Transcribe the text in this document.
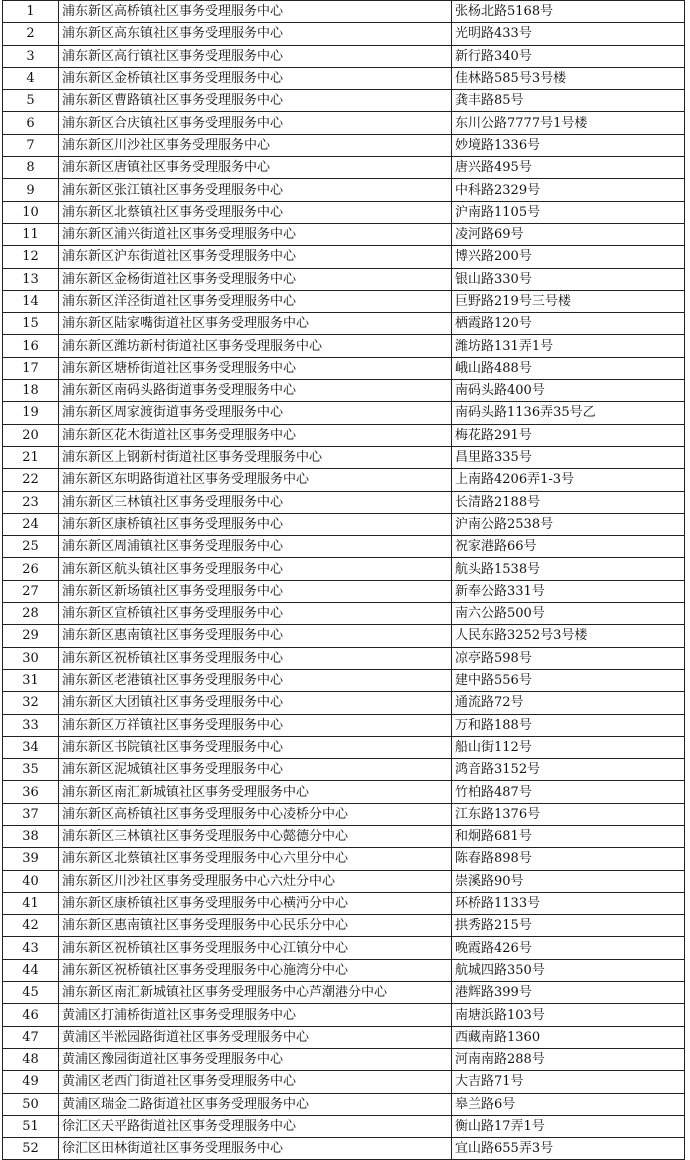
1	浦东新区高桥镇社区事务受理服务中心	张杨北路5168号
2	浦东新区高东镇社区事务受理服务中心	光明路433号
3	浦东新区高行镇社区事务受理服务中心	新行路340号
4	浦东新区金桥镇社区事务受理服务中心	佳林路585号3号楼
5	浦东新区曹路镇社区事务受理服务中心	龚丰路85号
6	浦东新区合庆镇社区事务受理服务中心	东川公路7777号1号楼
7	浦东新区川沙社区事务受理服务中心	妙境路1336号
8	浦东新区唐镇社区事务受理服务中心	唐兴路495号
9	浦东新区张江镇社区事务受理服务中心	中科路2329号
10	浦东新区北蔡镇社区事务受理服务中心	沪南路1105号
11	浦东新区浦兴街道社区事务受理服务中心	凌河路69号
12	浦东新区沪东街道社区事务受理服务中心	博兴路200号
13	浦东新区金杨街道社区事务受理服务中心	银山路330号
14	浦东新区洋泾街道社区事务受理服务中心	巨野路219号三号楼
15	浦东新区陆家嘴街道社区事务受理服务中心	栖霞路120号
16	浦东新区潍坊新村街道社区事务受理服务中心	潍坊路131弄1号
17	浦东新区塘桥街道社区事务受理服务中心	峨山路488号
18	浦东新区南码头路街道事务受理服务中心	南码头路400号
19	浦东新区周家渡街道事务受理服务中心	南码头路1136弄35号乙
20	浦东新区花木街道社区事务受理服务中心	梅花路291号
21	浦东新区上钢新村街道社区事务受理服务中心	昌里路335号
22	浦东新区东明路街道社区事务受理服务中心	上南路4206弄1-3号
23	浦东新区三林镇社区事务受理服务中心	长清路2188号
24	浦东新区康桥镇社区事务受理服务中心	沪南公路2538号
25	浦东新区周浦镇社区事务受理服务中心	祝家港路66号
26	浦东新区航头镇社区事务受理服务中心	航头路1538号
27	浦东新区新场镇社区事务受理服务中心	新奉公路331号
28	浦东新区宣桥镇社区事务受理服务中心	南六公路500号
29	浦东新区惠南镇社区事务受理服务中心	人民东路3252号3号楼
30	浦东新区祝桥镇社区事务受理服务中心	凉亭路598号
31	浦东新区老港镇社区事务受理服务中心	建中路556号
32	浦东新区大团镇社区事务受理服务中心	通流路72号
33	浦东新区万祥镇社区事务受理服务中心	万和路188号
34	浦东新区书院镇社区事务受理服务中心	船山街112号
35	浦东新区泥城镇社区事务受理服务中心	鸿音路3152号
36	浦东新区南汇新城镇社区事务受理服务中心	竹柏路487号
37	浦东新区高桥镇社区事务受理服务中心凌桥分中心	江东路1376号
38	浦东新区三林镇社区事务受理服务中心懿德分中心	和炯路681号
39	浦东新区北蔡镇社区事务受理服务中心六里分中心	陈春路898号
40	浦东新区川沙社区事务受理服务中心六灶分中心	崇溪路90号
41	浦东新区康桥镇社区事务受理服务中心横沔分中心	环桥路1133号
42	浦东新区惠南镇社区事务受理服务中心民乐分中心	拱秀路215号
43	浦东新区祝桥镇社区事务受理服务中心江镇分中心	晚霞路426号
44	浦东新区祝桥镇社区事务受理服务中心施湾分中心	航城四路350号
45	浦东新区南汇新城镇社区事务受理服务中心芦潮港分中心	港辉路399号
46	黄浦区打浦桥街道社区事务受理服务中心	南塘浜路103号
47	黄浦区半淞园路街道社区事务受理服务中心	西藏南路1360
48	黄浦区豫园街道社区事务受理服务中心	河南南路288号
49	黄浦区老西门街道社区事务受理服务中心	大吉路71号
50	黄浦区瑞金二路街道社区事务受理服务中心	皋兰路6号
51	徐汇区天平路街道社区事务受理服务中心	衡山路17弄1号
52	徐汇区田林街道社区事务受理服务中心	宜山路655弄3号
